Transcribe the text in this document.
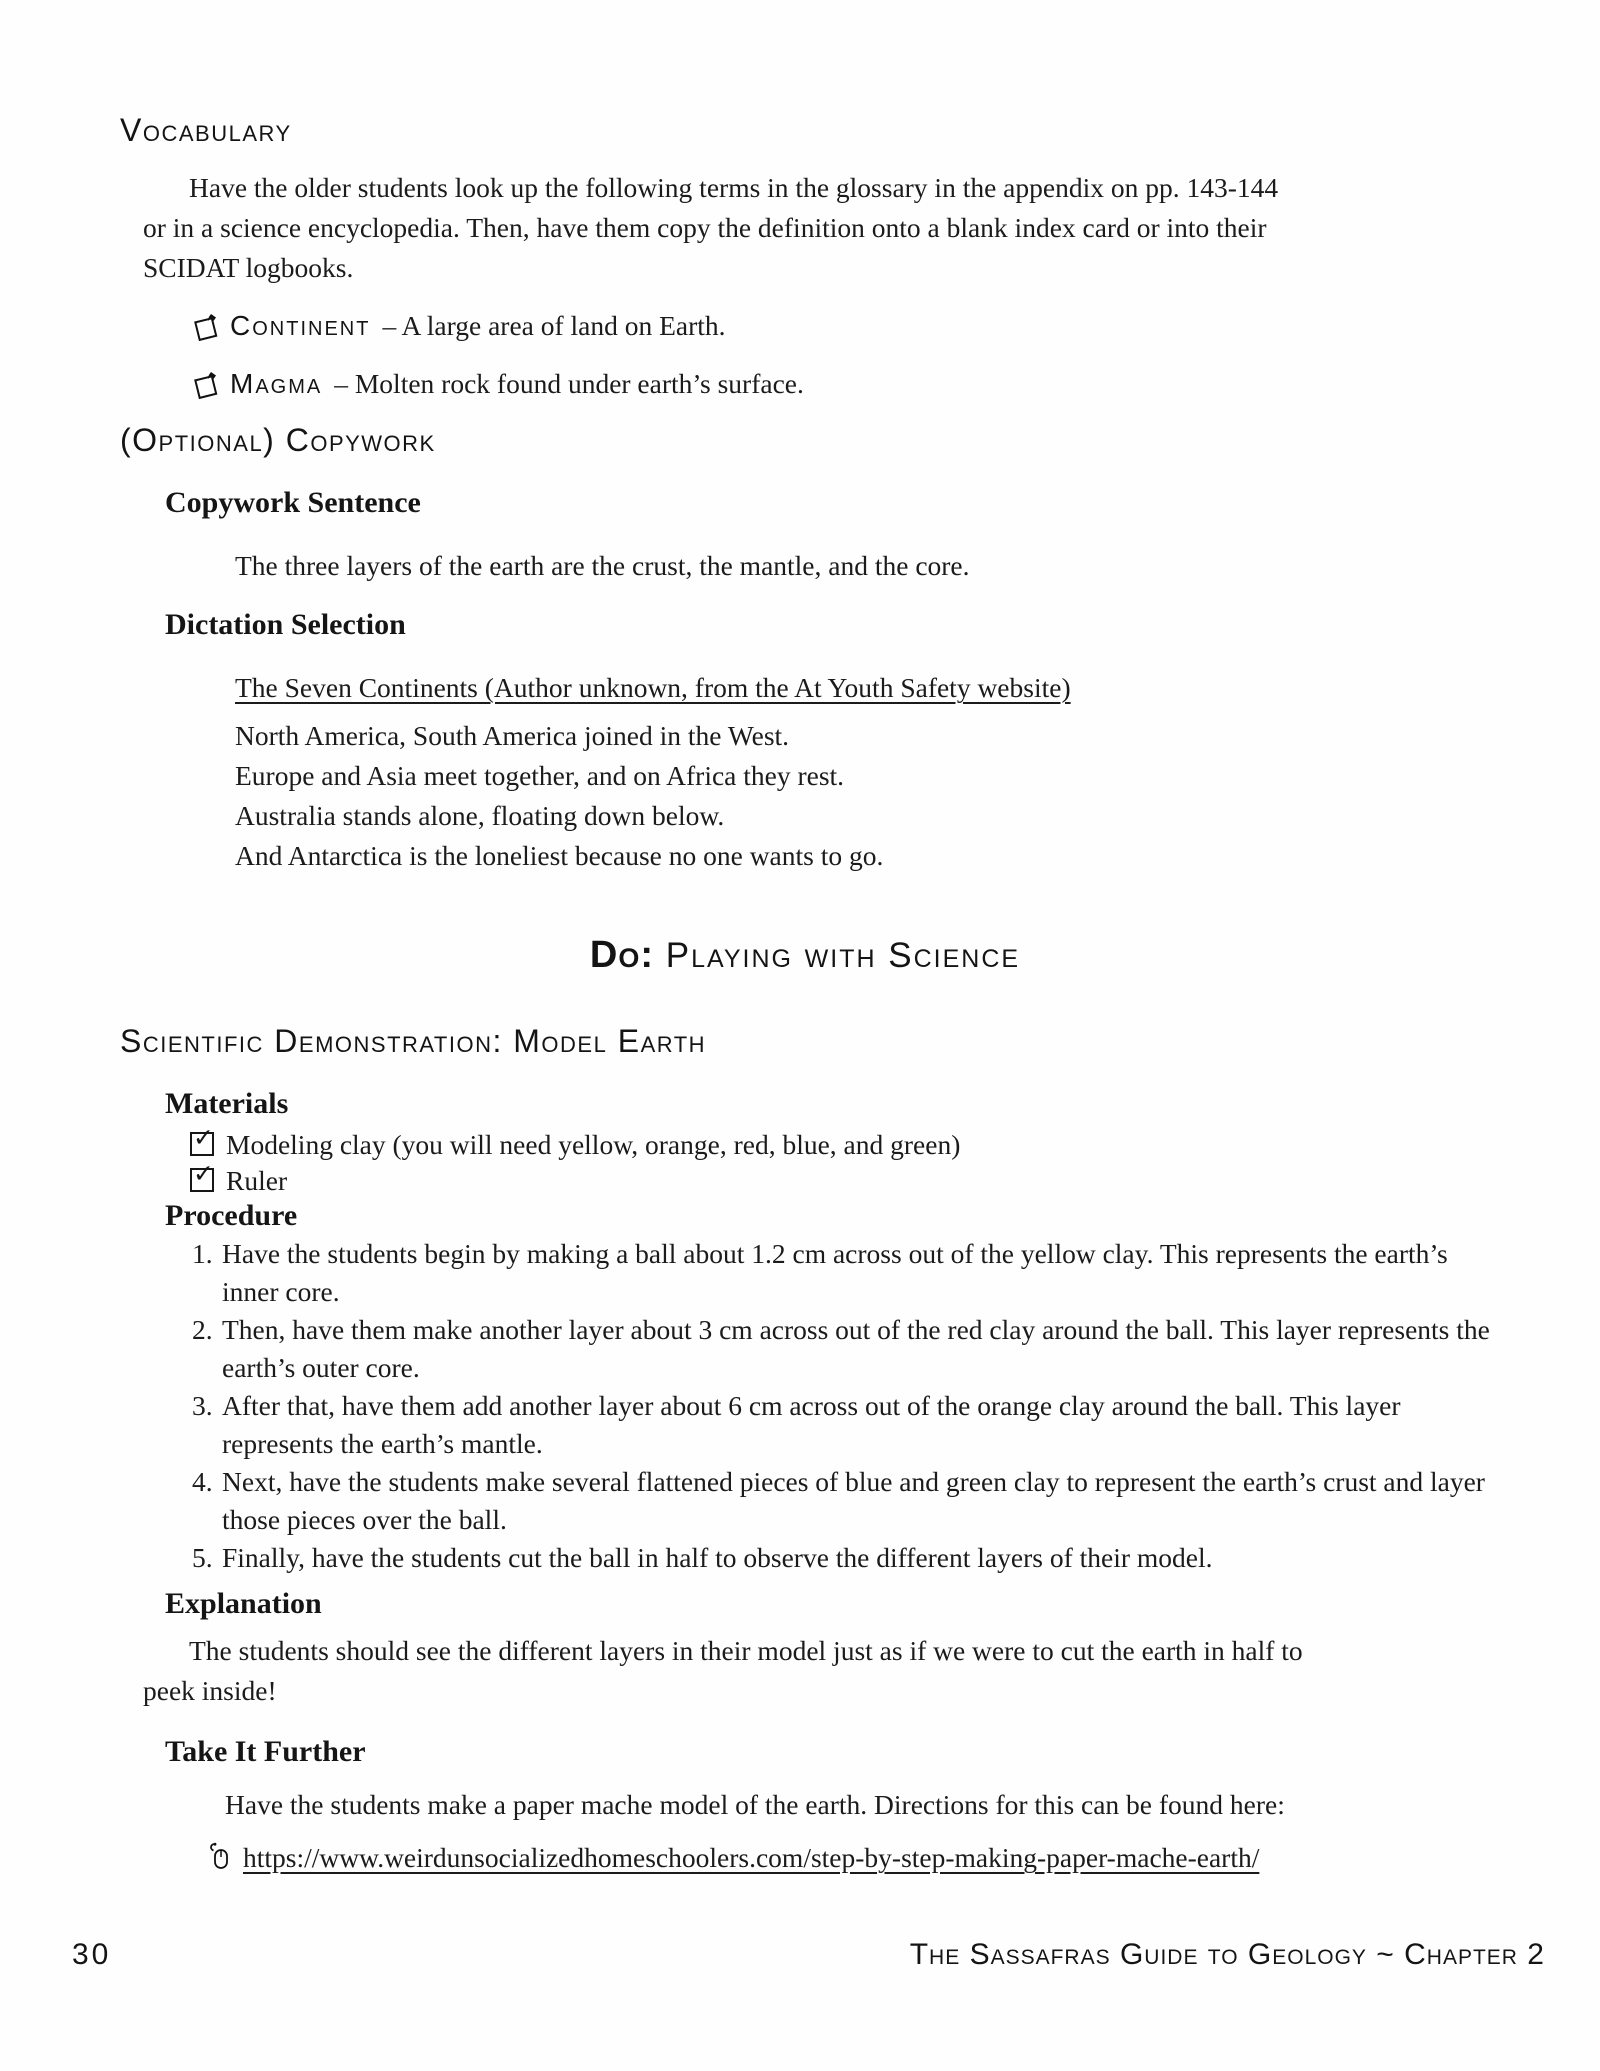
Vocabulary
Have the older students look up the following terms in the glossary in the appendix on pp. 143-144
or in a science encyclopedia. Then, have them copy the definition onto a blank index card or into their
SCIDAT logbooks.
Continent – A large area of land on Earth.
Magma – Molten rock found under earth’s surface.
(Optional) Copywork
Copywork Sentence

The three layers of the earth are the crust, the mantle, and the core.

Dictation Selection

The Seven Continents (Author unknown, from the At Youth Safety website)

North America, South America joined in the West.

Europe and Asia meet together, and on Africa they rest.

Australia stands alone, floating down below.

And Antarctica is the loneliest because no one wants to go.

Do: Playing with Science
Scientific Demonstration: Model Earth
Materials
✓ Modeling clay (you will need yellow, orange, red, blue, and green)
✓ Ruler
Procedure
Have the students begin by making a ball about 1.2 cm across out of the yellow clay. This represents the earth’s inner core.
Then, have them make another layer about 3 cm across out of the red clay around the ball. This layer represents the earth’s outer core.
After that, have them add another layer about 6 cm across out of the orange clay around the ball. This layer represents the earth’s mantle.
Next, have the students make several flattened pieces of blue and green clay to represent the earth’s crust and layer those pieces over the ball.
Finally, have the students cut the ball in half to observe the different layers of their model.
Explanation
The students should see the different layers in their model just as if we were to cut the earth in half to
peek inside!
Take It Further

Have the students make a paper mache model of the earth. Directions for this can be found here:

https://www.weirdunsocializedhomeschoolers.com/step-by-step-making-paper-mache-earth/
30	The Sassafras Guide to Geology ~ Chapter 2
